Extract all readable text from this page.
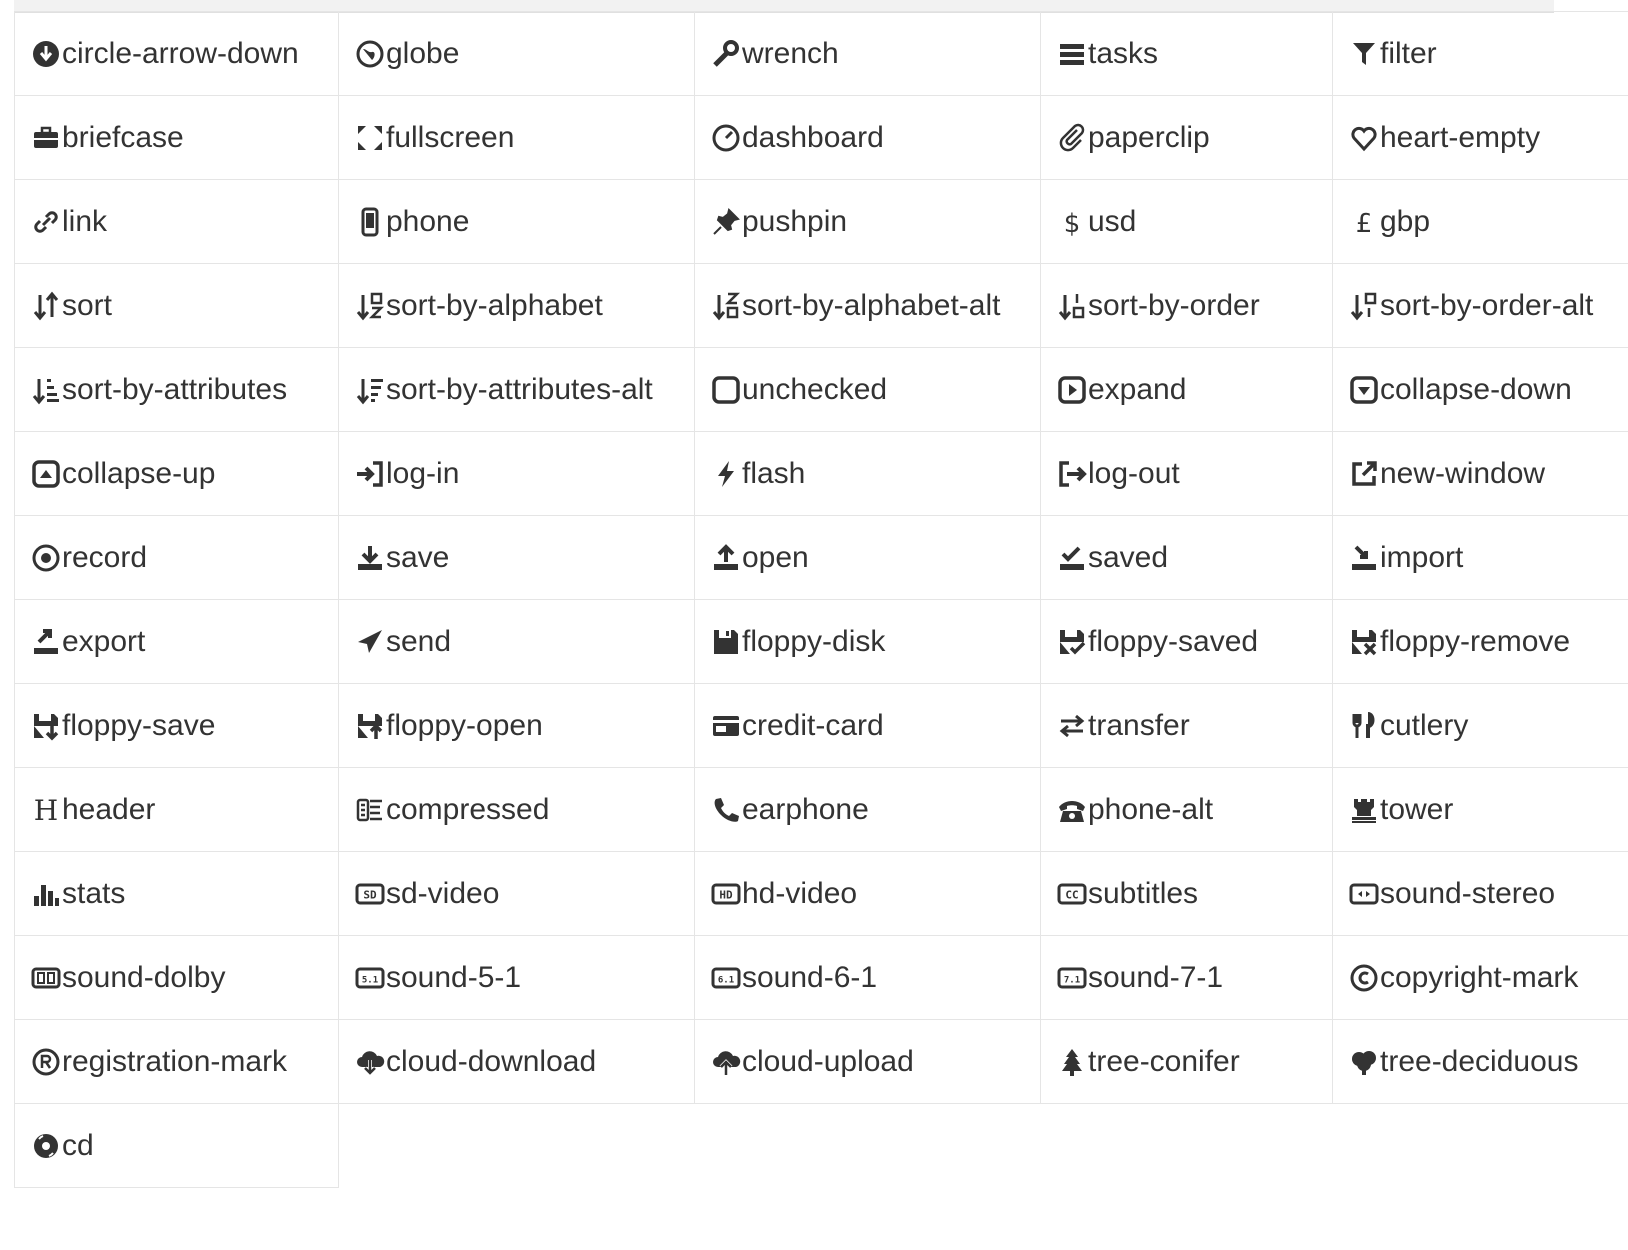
circle-arrow-down	globe	wrench	tasks	filter

briefcase	fullscreen	dashboard	paperclip	heart-empty

link	phone	pushpin	$ usd	£ gbp

sort	sort-by-alphabet	sort-by-alphabet-alt	sort-by-order	sort-by-order-alt

sort-by-attributes	sort-by-attributes-alt	unchecked	expand	collapse-down

collapse-up	log-in	flash	log-out	new-window

record	save	open	saved	import

export	send	floppy-disk	floppy-saved	floppy-remove

floppy-save	floppy-open	credit-card	transfer	cutlery

H header	compressed	earphone	phone-alt	tower

stats	SD sd-video	HD hd-video	CC subtitles	sound-stereo

sound-dolby	5.1 sound-5-1	6.1 sound-6-1	7.1 sound-7-1	copyright-mark

registration-mark	cloud-download	cloud-upload	tree-conifer	tree-deciduous

cd				
